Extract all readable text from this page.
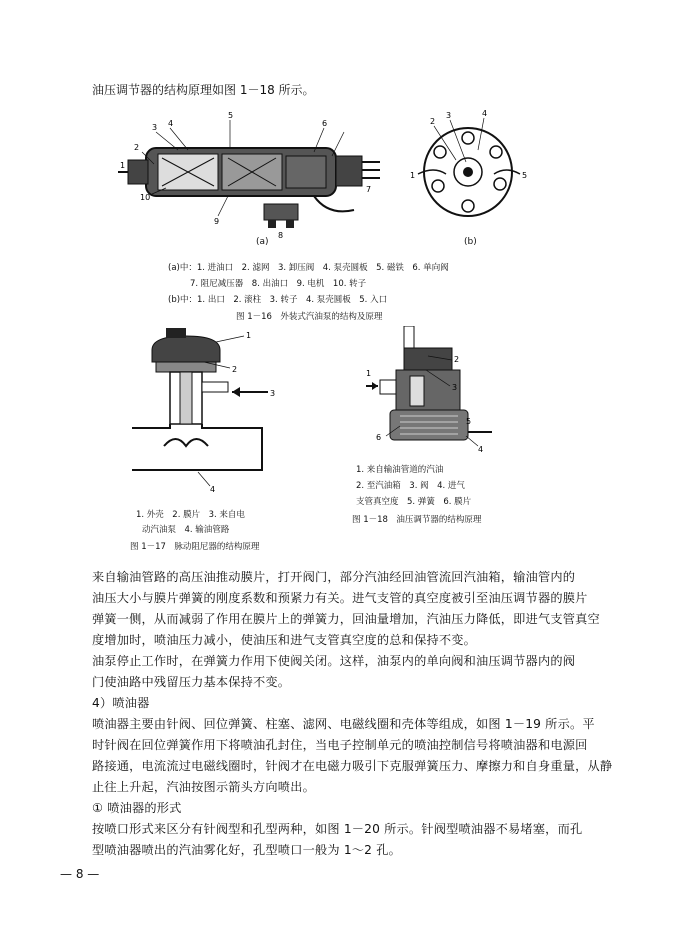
油压调节器的结构原理如图 1－18 所示。
3 4
5
6
2
1
10
9
7
8
(a)
2
3	4
1	5
(b)
(a)中：1. 进油口　2. 滤网　3. 卸压阀　4. 泵壳圆板　5. 磁铁　6. 单向阀
7. 阻尼减压器　8. 出油口　9. 电机　10. 转子
(b)中：1. 出口　2. 滚柱　3. 转子　4. 泵壳圆板　5. 入口
图 1－16　外装式汽油泵的结构及原理
1
2
3
4
1. 外壳　2. 膜片　3. 来自电
动汽油泵　4. 输油管路
图 1－17　脉动阻尼器的结构原理
2
3
1
4
5
6
1. 来自输油管道的汽油
2. 至汽油箱　3. 阀　4. 进气
支管真空度　5. 弹簧　6. 膜片
图 1－18　油压调节器的结构原理
来自输油管路的高压油推动膜片，打开阀门，部分汽油经回油管流回汽油箱，输油管内的
油压大小与膜片弹簧的刚度系数和预紧力有关。进气支管的真空度被引至油压调节器的膜片
弹簧一侧，从而减弱了作用在膜片上的弹簧力，回油量增加，汽油压力降低，即进气支管真空
度增加时，喷油压力减小，使油压和进气支管真空度的总和保持不变。
油泵停止工作时，在弹簧力作用下使阀关闭。这样，油泵内的单向阀和油压调节器内的阀
门使油路中残留压力基本保持不变。
4）喷油器
喷油器主要由针阀、回位弹簧、柱塞、滤网、电磁线圈和壳体等组成，如图 1－19 所示。平
时针阀在回位弹簧作用下将喷油孔封住，当电子控制单元的喷油控制信号将喷油器和电源回
路接通，电流流过电磁线圈时，针阀才在电磁力吸引下克服弹簧压力、摩擦力和自身重量，从静
止往上升起，汽油按图示箭头方向喷出。
① 喷油器的形式
按喷口形式来区分有针阀型和孔型两种，如图 1－20 所示。针阀型喷油器不易堵塞，而孔
型喷油器喷出的汽油雾化好，孔型喷口一般为 1～2 孔。
— 8 —
